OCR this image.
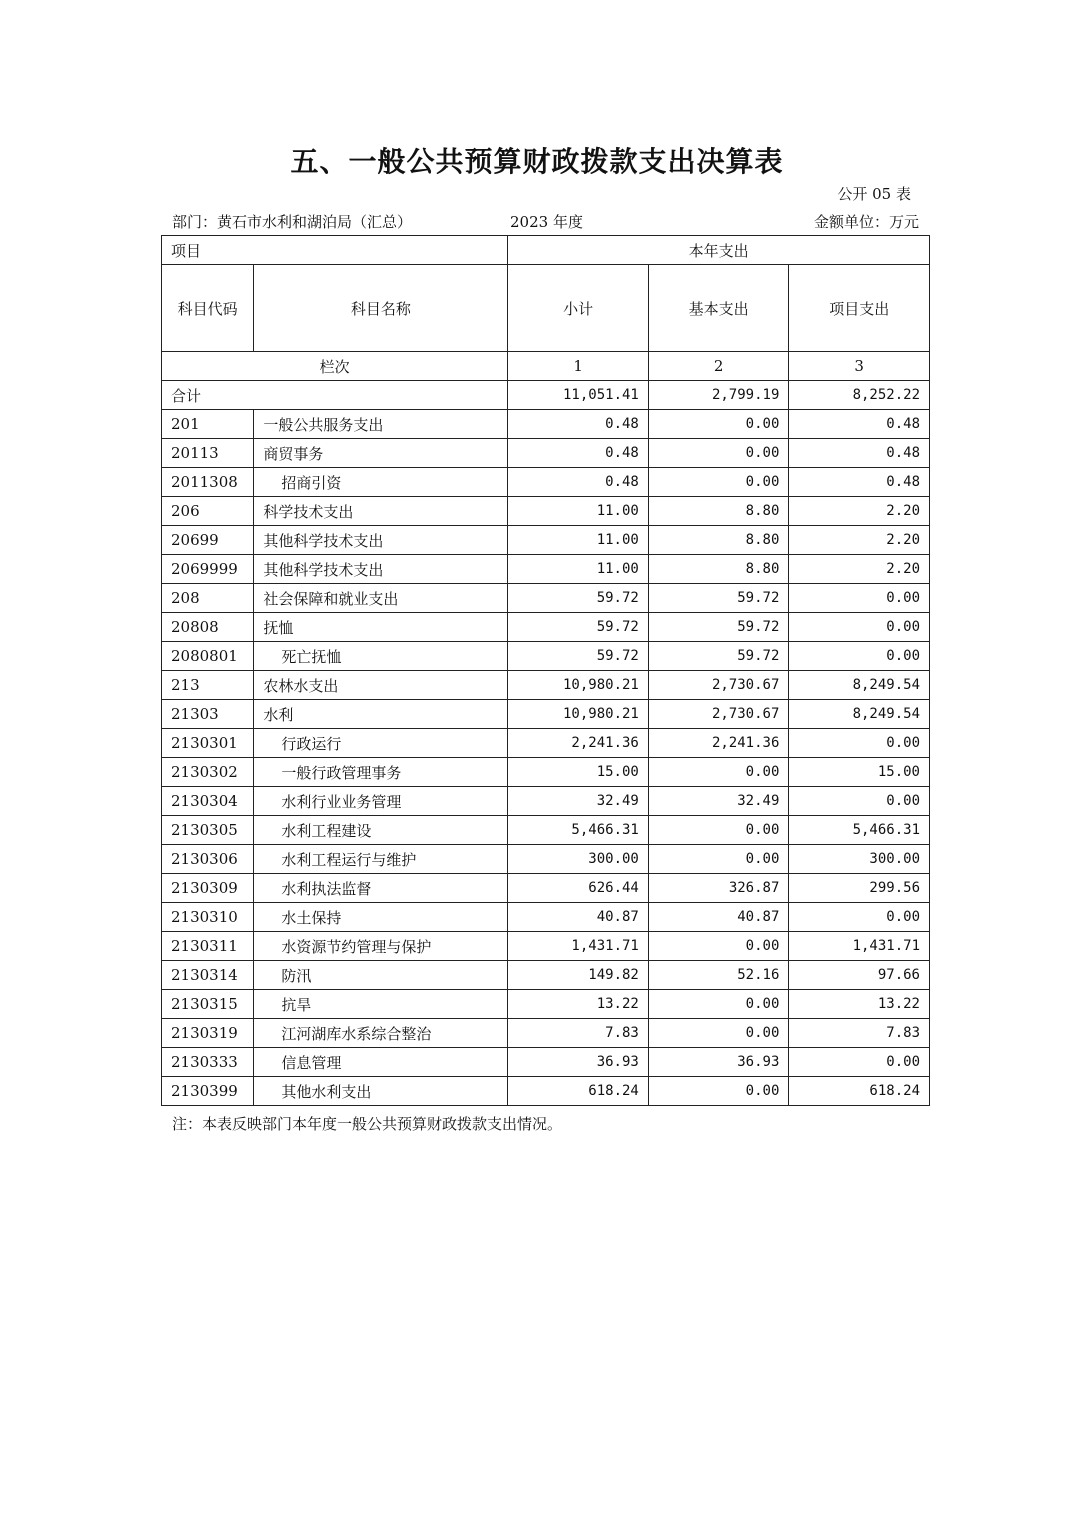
五、一般公共预算财政拨款支出决算表
公开 05 表
部门：黄石市水利和湖泊局（汇总）	2023 年度	金额单位：万元
项目		本年支出		
科目代码	科目名称	小计	基本支出	项目支出
栏次		1	2	3
合计		11,051.41	2,799.19	8,252.22
201	一般公共服务支出	0.48	0.00	0.48
20113	商贸事务	0.48	0.00	0.48
2011308	招商引资	0.48	0.00	0.48
206	科学技术支出	11.00	8.80	2.20
20699	其他科学技术支出	11.00	8.80	2.20
2069999	其他科学技术支出	11.00	8.80	2.20
208	社会保障和就业支出	59.72	59.72	0.00
20808	抚恤	59.72	59.72	0.00
2080801	死亡抚恤	59.72	59.72	0.00
213	农林水支出	10,980.21	2,730.67	8,249.54
21303	水利	10,980.21	2,730.67	8,249.54
2130301	行政运行	2,241.36	2,241.36	0.00
2130302	一般行政管理事务	15.00	0.00	15.00
2130304	水利行业业务管理	32.49	32.49	0.00
2130305	水利工程建设	5,466.31	0.00	5,466.31
2130306	水利工程运行与维护	300.00	0.00	300.00
2130309	水利执法监督	626.44	326.87	299.56
2130310	水土保持	40.87	40.87	0.00
2130311	水资源节约管理与保护	1,431.71	0.00	1,431.71
2130314	防汛	149.82	52.16	97.66
2130315	抗旱	13.22	0.00	13.22
2130319	江河湖库水系综合整治	7.83	0.00	7.83
2130333	信息管理	36.93	36.93	0.00
2130399	其他水利支出	618.24	0.00	618.24
注：本表反映部门本年度一般公共预算财政拨款支出情况。
